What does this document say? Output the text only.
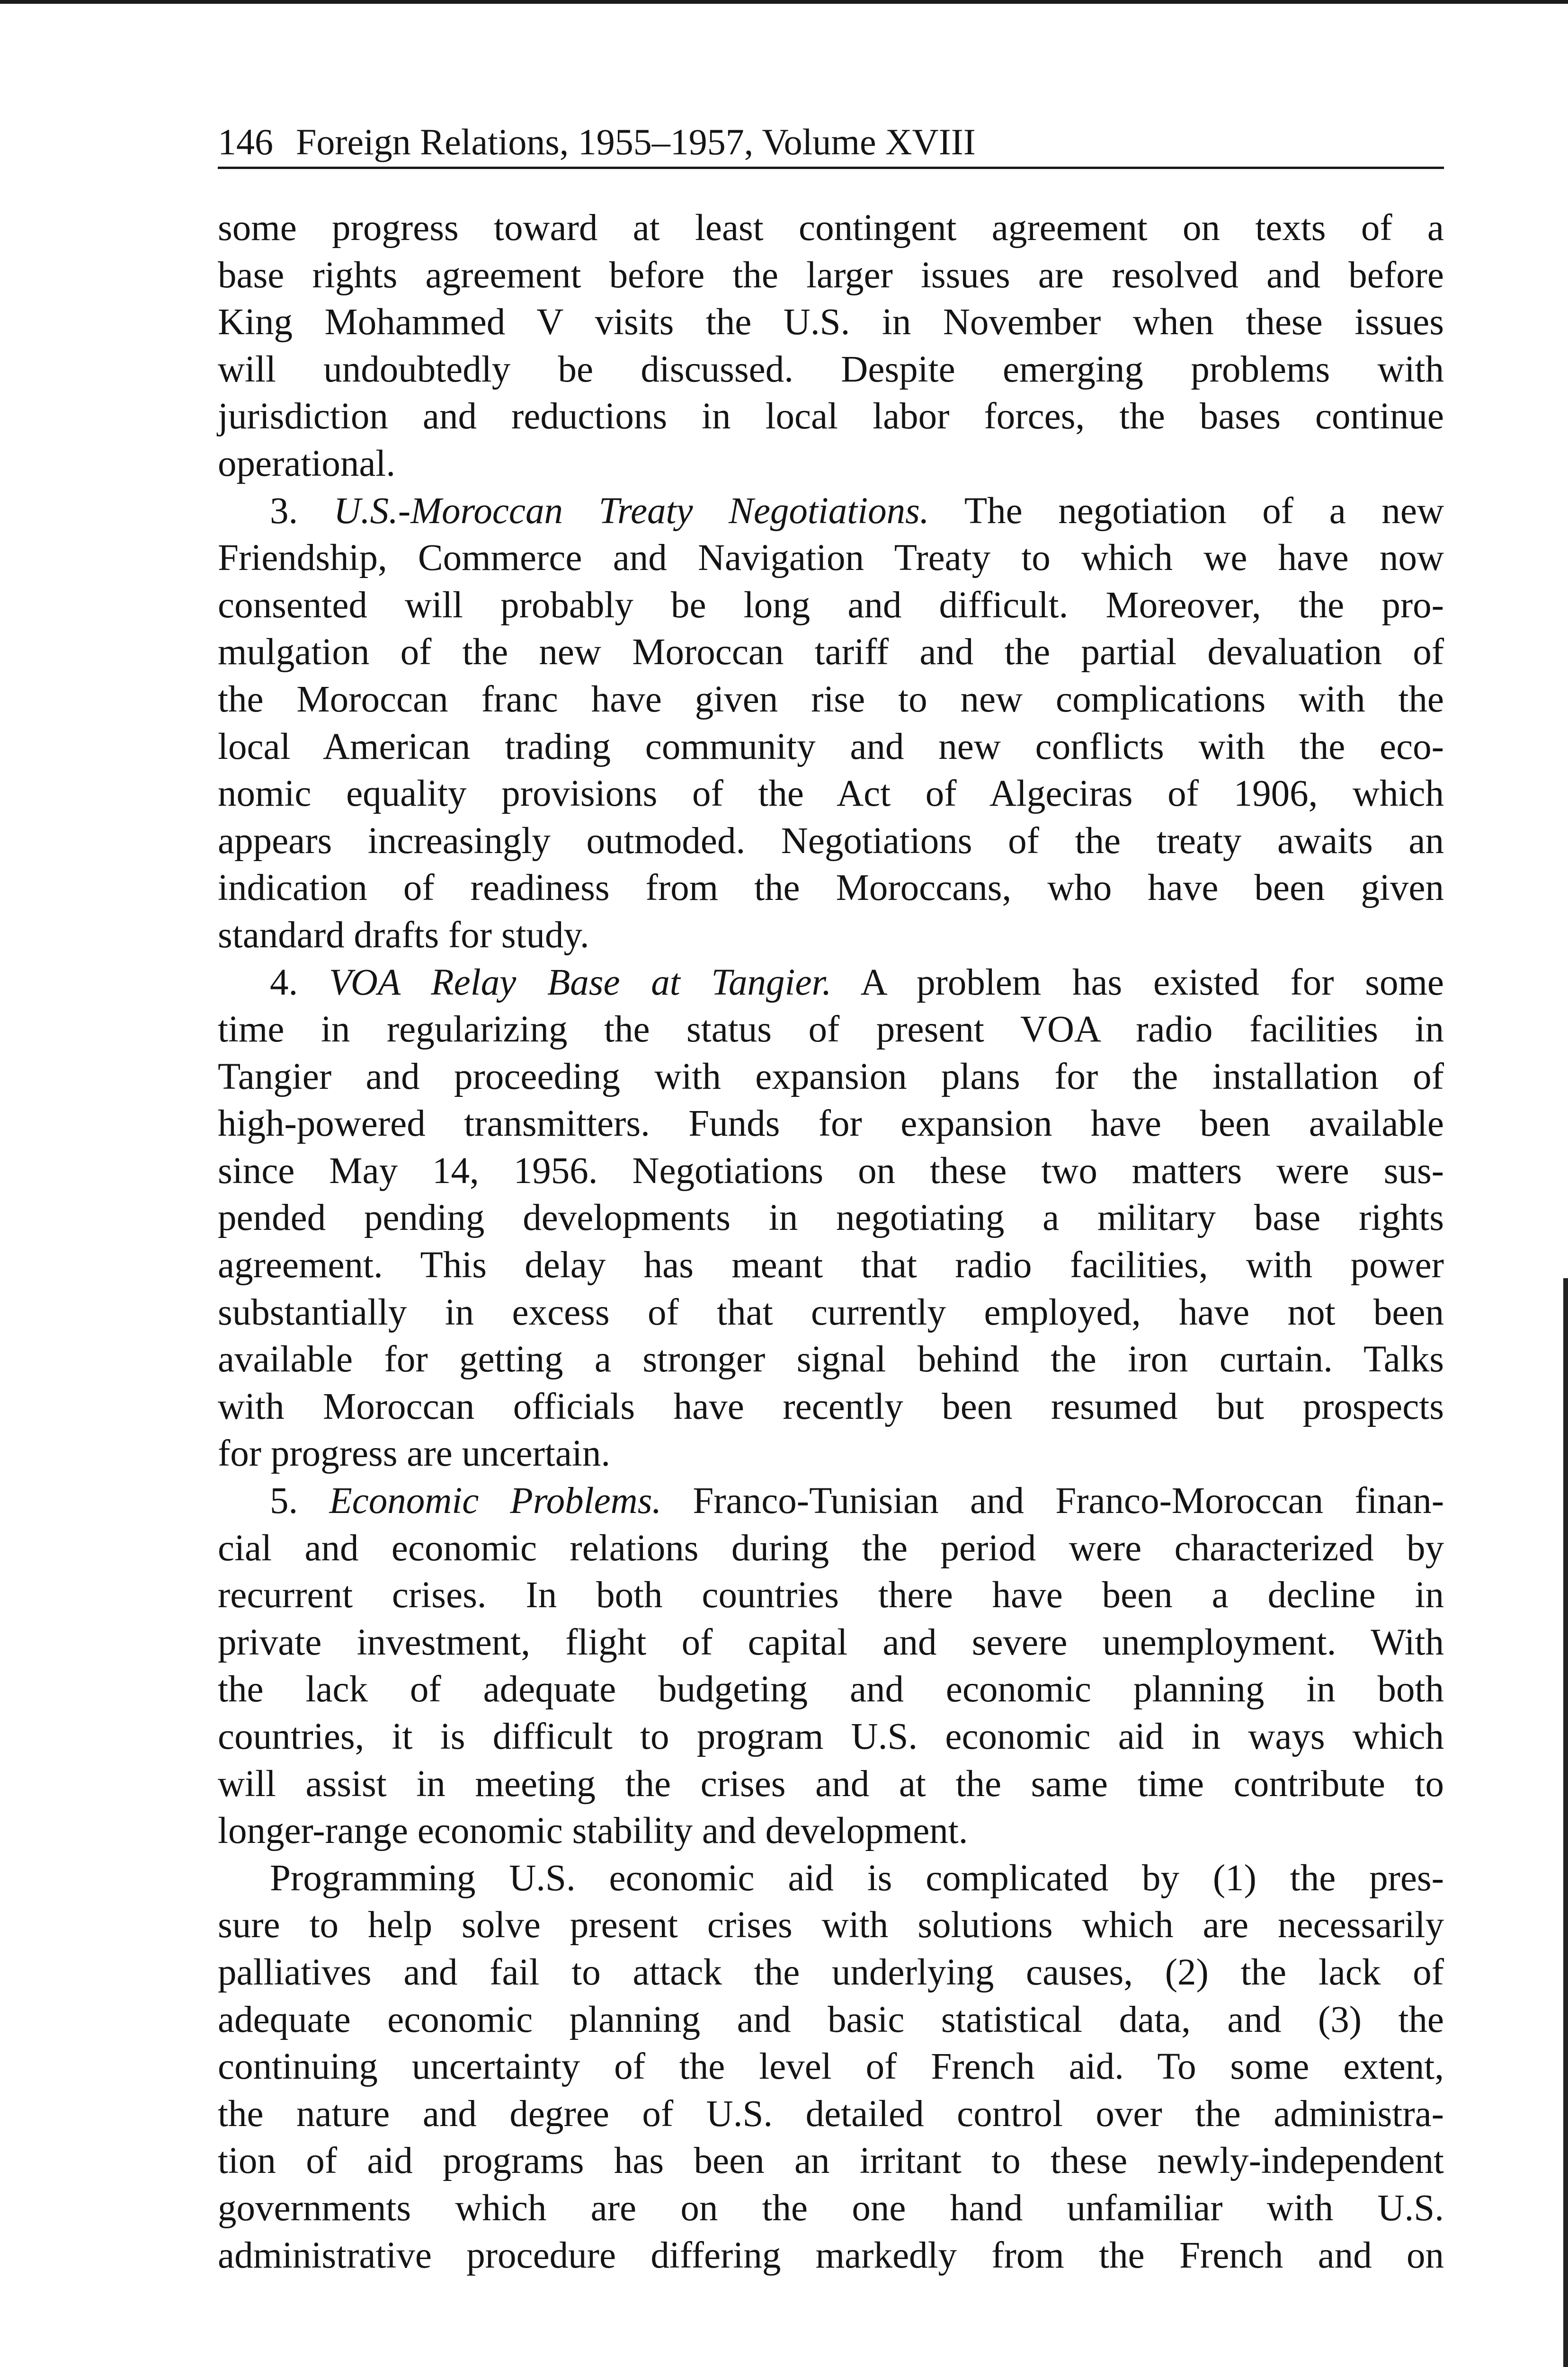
146 Foreign Relations, 1955–1957, Volume XVIII
some progress toward at least contingent agreement on texts of a
base rights agreement before the larger issues are resolved and before
King Mohammed V visits the U.S. in November when these issues
will undoubtedly be discussed. Despite emerging problems with
jurisdiction and reductions in local labor forces, the bases continue
operational.
3. U.S.-Moroccan Treaty Negotiations. The negotiation of a new
Friendship, Commerce and Navigation Treaty to which we have now
consented will probably be long and difficult. Moreover, the pro-
mulgation of the new Moroccan tariff and the partial devaluation of
the Moroccan franc have given rise to new complications with the
local American trading community and new conflicts with the eco-
nomic equality provisions of the Act of Algeciras of 1906, which
appears increasingly outmoded. Negotiations of the treaty awaits an
indication of readiness from the Moroccans, who have been given
standard drafts for study.
4. VOA Relay Base at Tangier. A problem has existed for some
time in regularizing the status of present VOA radio facilities in
Tangier and proceeding with expansion plans for the installation of
high-powered transmitters. Funds for expansion have been available
since May 14, 1956. Negotiations on these two matters were sus-
pended pending developments in negotiating a military base rights
agreement. This delay has meant that radio facilities, with power
substantially in excess of that currently employed, have not been
available for getting a stronger signal behind the iron curtain. Talks
with Moroccan officials have recently been resumed but prospects
for progress are uncertain.
5. Economic Problems. Franco-Tunisian and Franco-Moroccan finan-
cial and economic relations during the period were characterized by
recurrent crises. In both countries there have been a decline in
private investment, flight of capital and severe unemployment. With
the lack of adequate budgeting and economic planning in both
countries, it is difficult to program U.S. economic aid in ways which
will assist in meeting the crises and at the same time contribute to
longer-range economic stability and development.
Programming U.S. economic aid is complicated by (1) the pres-
sure to help solve present crises with solutions which are necessarily
palliatives and fail to attack the underlying causes, (2) the lack of
adequate economic planning and basic statistical data, and (3) the
continuing uncertainty of the level of French aid. To some extent,
the nature and degree of U.S. detailed control over the administra-
tion of aid programs has been an irritant to these newly-independent
governments which are on the one hand unfamiliar with U.S.
administrative procedure differing markedly from the French and on
